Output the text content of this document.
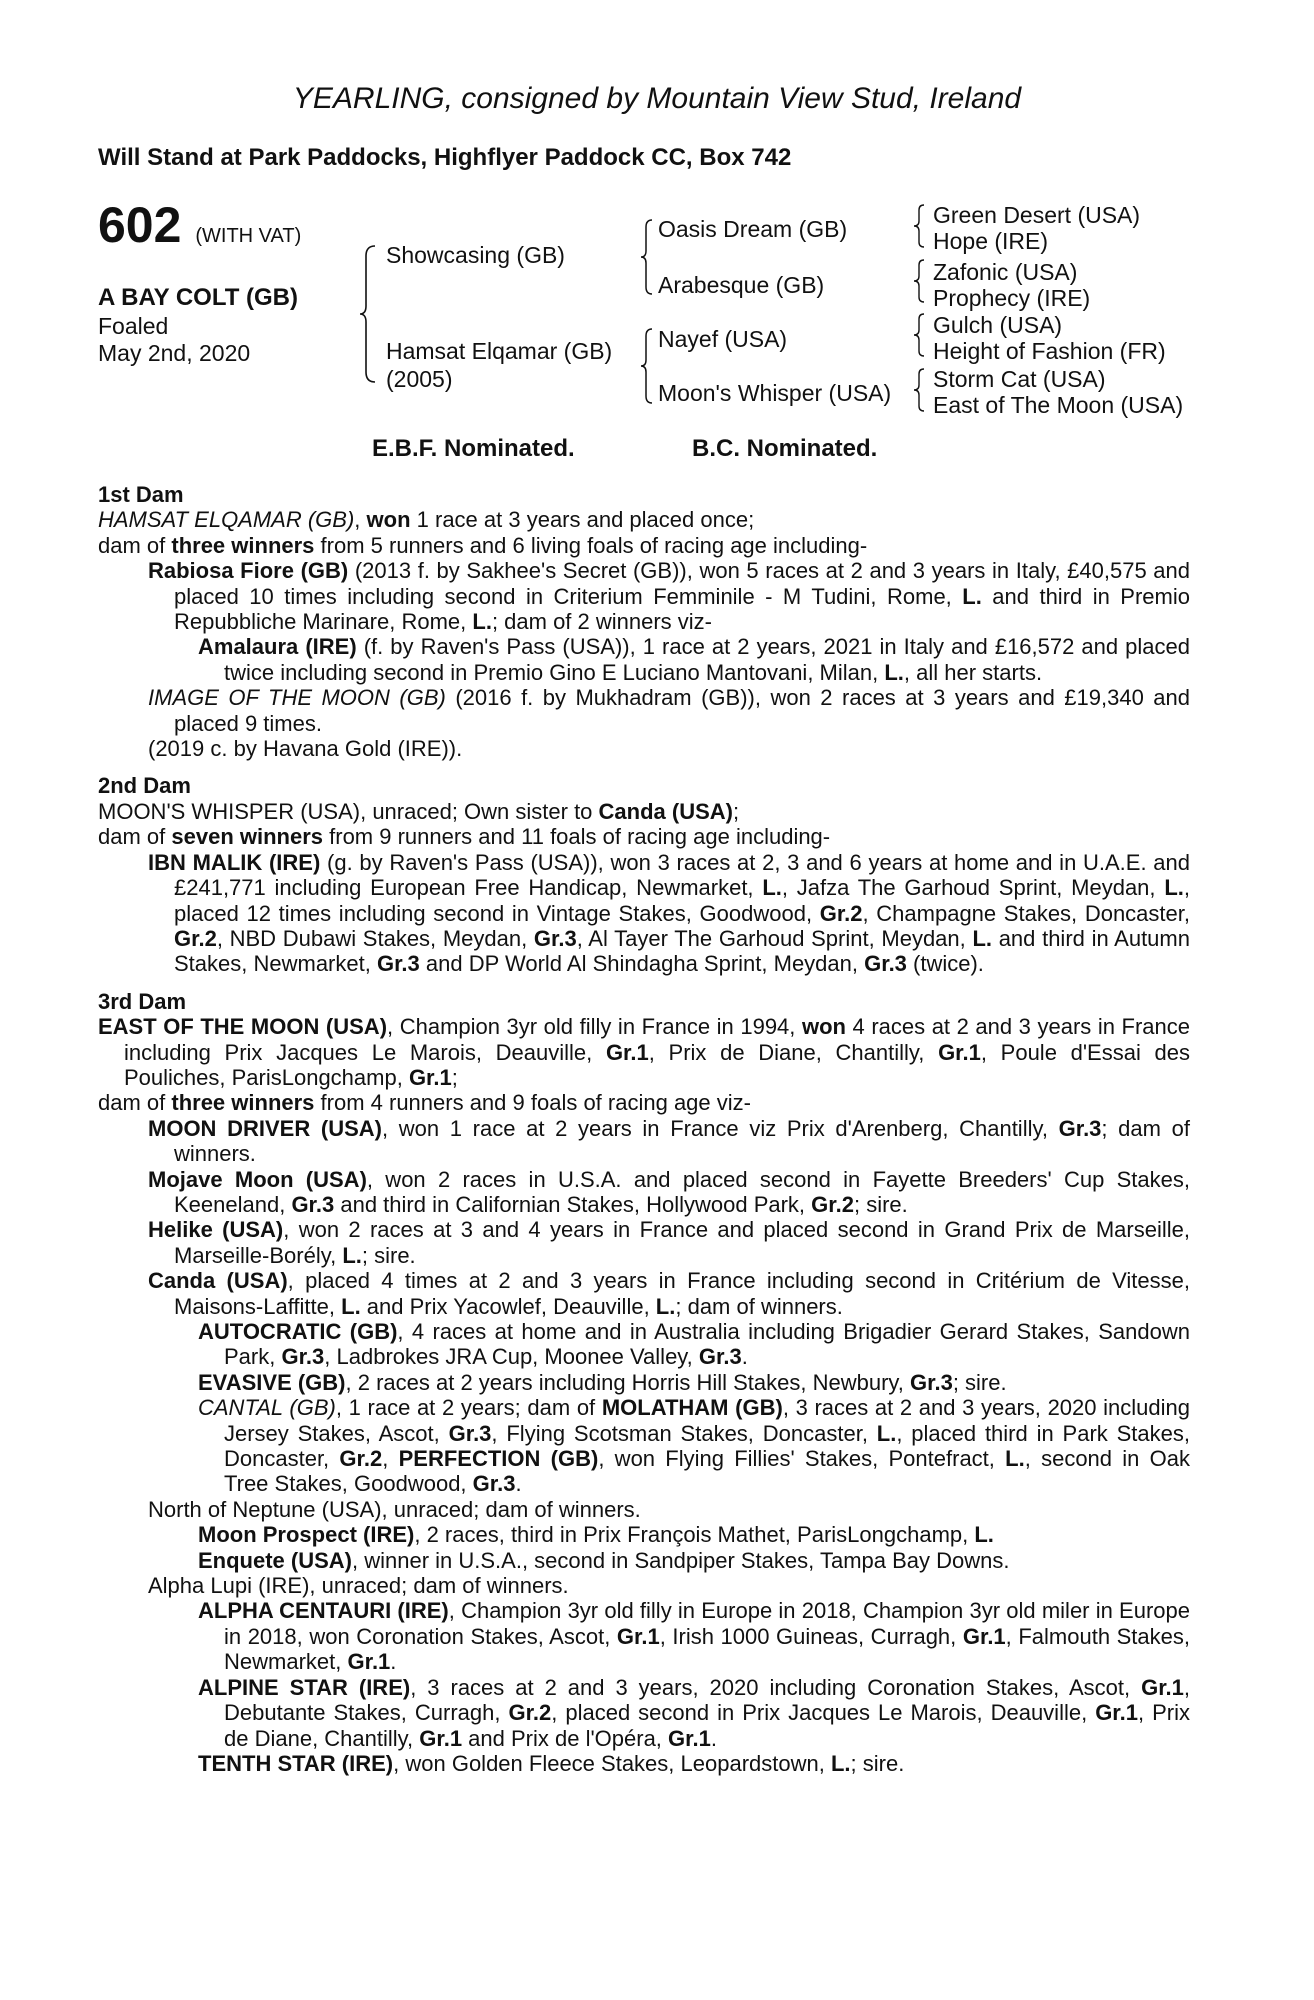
YEARLING, consigned by Mountain View Stud, Ireland
Will Stand at Park Paddocks, Highflyer Paddock CC, Box 742
602 (WITH VAT)
A BAY COLT (GB)
Foaled
May 2nd, 2020
Showcasing (GB)
Hamsat Elqamar (GB)
(2005)
Oasis Dream (GB)
Arabesque (GB)
Nayef (USA)
Moon's Whisper (USA)
Green Desert (USA)
Hope (IRE)
Zafonic (USA)
Prophecy (IRE)
Gulch (USA)
Height of Fashion (FR)
Storm Cat (USA)
East of The Moon (USA)
E.B.F. Nominated.	B.C. Nominated.
1st Dam
HAMSAT ELQAMAR (GB), won 1 race at 3 years and placed once;
dam of three winners from 5 runners and 6 living foals of racing age including-
Rabiosa Fiore (GB) (2013 f. by Sakhee's Secret (GB)), won 5 races at 2 and 3 years in Italy, £40,575 and placed 10 times including second in Criterium Femminile - M Tudini, Rome, L. and third in Premio Repubbliche Marinare, Rome, L.; dam of 2 winners viz-
Amalaura (IRE) (f. by Raven's Pass (USA)), 1 race at 2 years, 2021 in Italy and £16,572 and placed twice including second in Premio Gino E Luciano Mantovani, Milan, L., all her starts.
IMAGE OF THE MOON (GB) (2016 f. by Mukhadram (GB)), won 2 races at 3 years and £19,340 and placed 9 times.
(2019 c. by Havana Gold (IRE)).
2nd Dam
MOON'S WHISPER (USA), unraced; Own sister to Canda (USA);
dam of seven winners from 9 runners and 11 foals of racing age including-
IBN MALIK (IRE) (g. by Raven's Pass (USA)), won 3 races at 2, 3 and 6 years at home and in U.A.E. and £241,771 including European Free Handicap, Newmarket, L., Jafza The Garhoud Sprint, Meydan, L., placed 12 times including second in Vintage Stakes, Goodwood, Gr.2, Champagne Stakes, Doncaster, Gr.2, NBD Dubawi Stakes, Meydan, Gr.3, Al Tayer The Garhoud Sprint, Meydan, L. and third in Autumn Stakes, Newmarket, Gr.3 and DP World Al Shindagha Sprint, Meydan, Gr.3 (twice).
3rd Dam
EAST OF THE MOON (USA), Champion 3yr old filly in France in 1994, won 4 races at 2 and 3 years in France including Prix Jacques Le Marois, Deauville, Gr.1, Prix de Diane, Chantilly, Gr.1, Poule d'Essai des Pouliches, ParisLongchamp, Gr.1;
dam of three winners from 4 runners and 9 foals of racing age viz-
MOON DRIVER (USA), won 1 race at 2 years in France viz Prix d'Arenberg, Chantilly, Gr.3; dam of winners.
Mojave Moon (USA), won 2 races in U.S.A. and placed second in Fayette Breeders' Cup Stakes, Keeneland, Gr.3 and third in Californian Stakes, Hollywood Park, Gr.2; sire.
Helike (USA), won 2 races at 3 and 4 years in France and placed second in Grand Prix de Marseille, Marseille-Borély, L.; sire.
Canda (USA), placed 4 times at 2 and 3 years in France including second in Critérium de Vitesse, Maisons-Laffitte, L. and Prix Yacowlef, Deauville, L.; dam of winners.
AUTOCRATIC (GB), 4 races at home and in Australia including Brigadier Gerard Stakes, Sandown Park, Gr.3, Ladbrokes JRA Cup, Moonee Valley, Gr.3.
EVASIVE (GB), 2 races at 2 years including Horris Hill Stakes, Newbury, Gr.3; sire.
CANTAL (GB), 1 race at 2 years; dam of MOLATHAM (GB), 3 races at 2 and 3 years, 2020 including Jersey Stakes, Ascot, Gr.3, Flying Scotsman Stakes, Doncaster, L., placed third in Park Stakes, Doncaster, Gr.2, PERFECTION (GB), won Flying Fillies' Stakes, Pontefract, L., second in Oak Tree Stakes, Goodwood, Gr.3.
North of Neptune (USA), unraced; dam of winners.
Moon Prospect (IRE), 2 races, third in Prix François Mathet, ParisLongchamp, L.
Enquete (USA), winner in U.S.A., second in Sandpiper Stakes, Tampa Bay Downs.
Alpha Lupi (IRE), unraced; dam of winners.
ALPHA CENTAURI (IRE), Champion 3yr old filly in Europe in 2018, Champion 3yr old miler in Europe in 2018, won Coronation Stakes, Ascot, Gr.1, Irish 1000 Guineas, Curragh, Gr.1, Falmouth Stakes, Newmarket, Gr.1.
ALPINE STAR (IRE), 3 races at 2 and 3 years, 2020 including Coronation Stakes, Ascot, Gr.1, Debutante Stakes, Curragh, Gr.2, placed second in Prix Jacques Le Marois, Deauville, Gr.1, Prix de Diane, Chantilly, Gr.1 and Prix de l'Opéra, Gr.1.
TENTH STAR (IRE), won Golden Fleece Stakes, Leopardstown, L.; sire.
